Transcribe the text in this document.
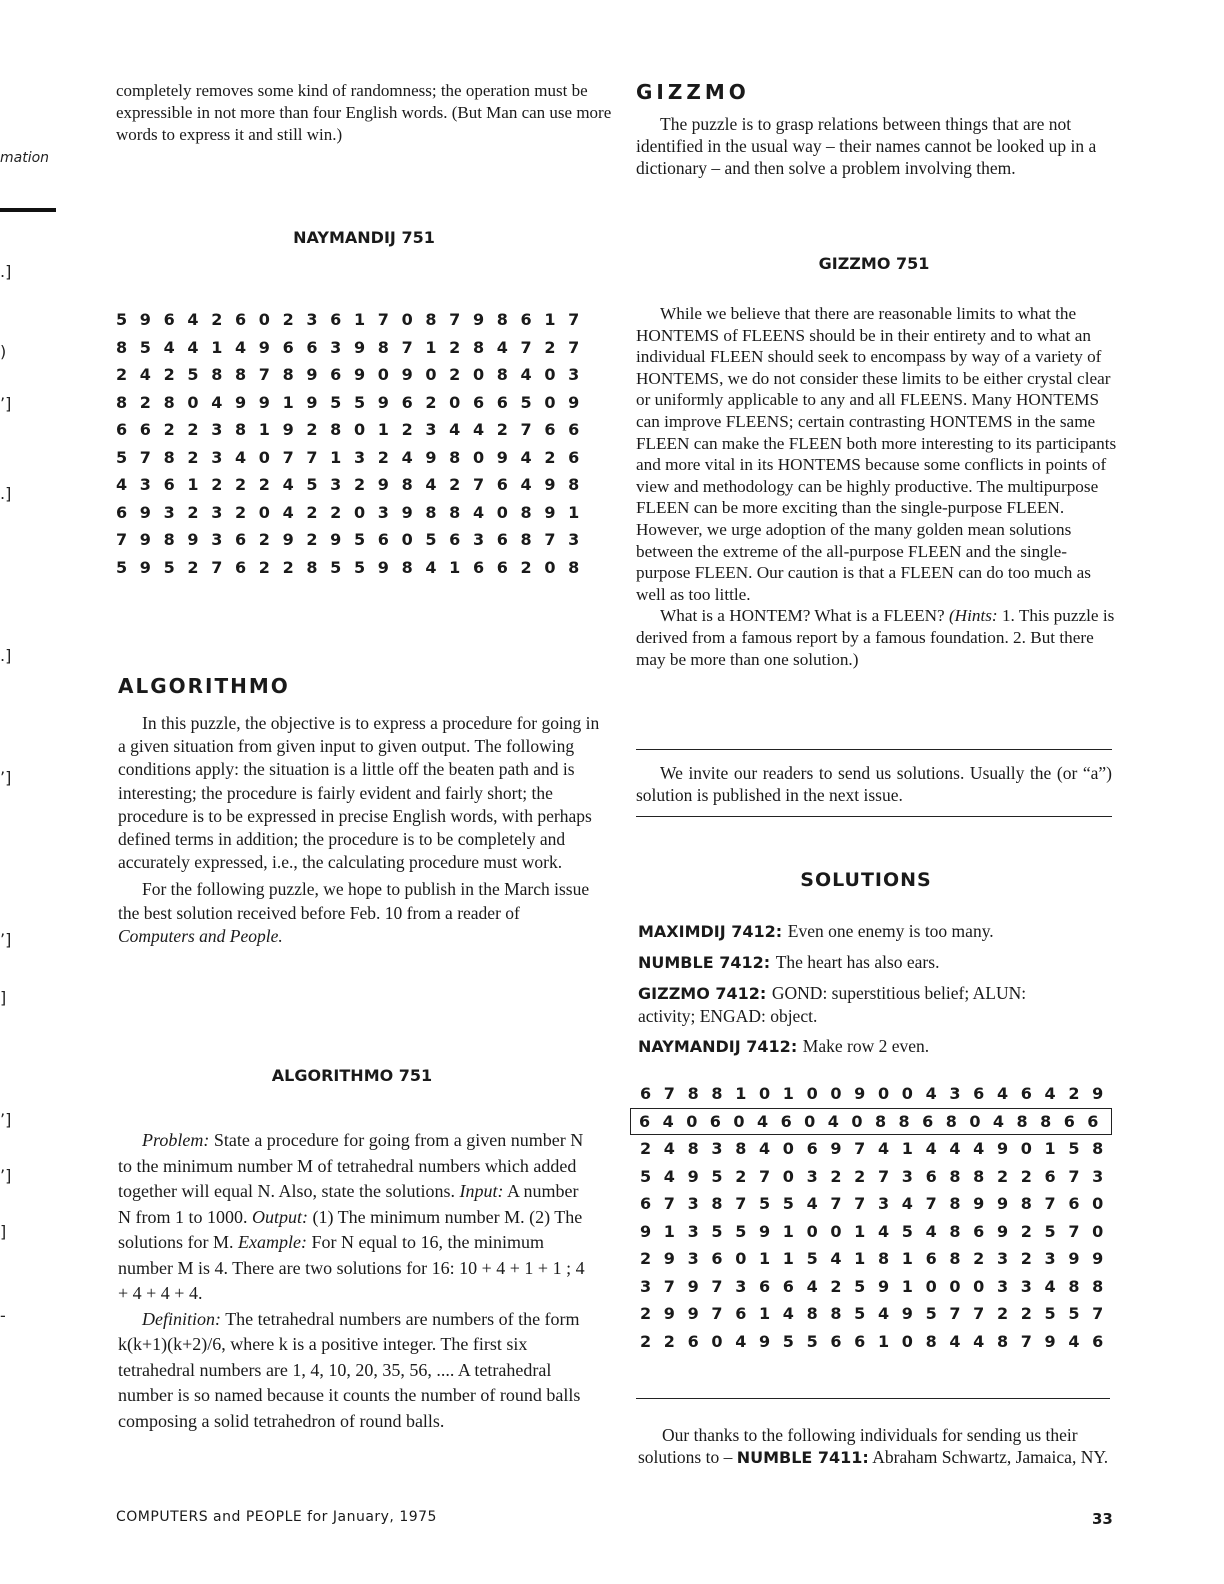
mation
.]
)
’]
.]
.]
’]
’]
]
’]
’]
]
-

completely removes some kind of randomness; the operation must be expressible in not more than four English words. (But Man can use more words to express it and still win.)

NAYMANDIJ 751
5 9 6 4 2 6 0 2 3 6 1 7 0 8 7 9 8 6 1 7
8 5 4 4 1 4 9 6 6 3 9 8 7 1 2 8 4 7 2 7
2 4 2 5 8 8 7 8 9 6 9 0 9 0 2 0 8 4 0 3
8 2 8 0 4 9 9 1 9 5 5 9 6 2 0 6 6 5 0 9
6 6 2 2 3 8 1 9 2 8 0 1 2 3 4 4 2 7 6 6
5 7 8 2 3 4 0 7 7 1 3 2 4 9 8 0 9 4 2 6
4 3 6 1 2 2 2 4 5 3 2 9 8 4 2 7 6 4 9 8
6 9 3 2 3 2 0 4 2 2 0 3 9 8 8 4 0 8 9 1
7 9 8 9 3 6 2 9 2 9 5 6 0 5 6 3 6 8 7 3
5 9 5 2 7 6 2 2 8 5 5 9 8 4 1 6 6 2 0 8
ALGORITHMO

In this puzzle, the objective is to express a procedure for going in a given situation from given input to given output. The following conditions apply: the situation is a little off the beaten path and is interesting; the procedure is fairly evident and fairly short; the procedure is to be expressed in precise English words, with perhaps defined terms in addition; the procedure is to be completely and accurately expressed, i.e., the calculating procedure must work.

For the following puzzle, we hope to publish in the March issue the best solution received before Feb. 10 from a reader of Computers and People.

ALGORITHMO 751

Problem: State a procedure for going from a given number N to the minimum number M of tetrahedral numbers which added together will equal N. Also, state the solutions. Input: A number N from 1 to 1000. Output: (1) The minimum number M. (2) The solutions for M. Example: For N equal to 16, the minimum number M is 4. There are two solutions for 16: 10 + 4 + 1 + 1 ; 4 + 4 + 4 + 4.

Definition: The tetrahedral numbers are numbers of the form k(k+1)(k+2)/6, where k is a positive integer. The first six tetrahedral numbers are 1, 4, 10, 20, 35, 56, .... A tetrahedral number is so named because it counts the number of round balls composing a solid tetrahedron of round balls.

GIZZMO

The puzzle is to grasp relations between things that are not identified in the usual way – their names cannot be looked up in a dictionary – and then solve a problem involving them.

GIZZMO 751

While we believe that there are reasonable limits to what the HONTEMS of FLEENS should be in their entirety and to what an individual FLEEN should seek to encompass by way of a variety of HONTEMS, we do not consider these limits to be either crystal clear or uniformly applicable to any and all FLEENS. Many HONTEMS can improve FLEENS; certain contrasting HONTEMS in the same FLEEN can make the FLEEN both more interesting to its participants and more vital in its HONTEMS because some conflicts in points of view and methodology can be highly productive. The multipurpose FLEEN can be more exciting than the single-purpose FLEEN. However, we urge adoption of the many golden mean solutions between the extreme of the all-purpose FLEEN and the single-purpose FLEEN. Our caution is that a FLEEN can do too much as well as too little.

What is a HONTEM? What is a FLEEN? (Hints: 1. This puzzle is derived from a famous report by a famous foundation. 2. But there may be more than one solution.)

We invite our readers to send us solutions. Usually the (or “a”) solution is published in the next issue.

SOLUTIONS
MAXIMDIJ 7412: Even one enemy is too many.
NUMBLE 7412: The heart has also ears.
GIZZMO 7412: GOND: superstitious belief; ALUN: activity; ENGAD: object.
NAYMANDIJ 7412: Make row 2 even.
6 7 8 8 1 0 1 0 0 9 0 0 4 3 6 4 6 4 2 9
6 4 0 6 0 4 6 0 4 0 8 8 6 8 0 4 8 8 6 6
2 4 8 3 8 4 0 6 9 7 4 1 4 4 4 9 0 1 5 8
5 4 9 5 2 7 0 3 2 2 7 3 6 8 8 2 2 6 7 3
6 7 3 8 7 5 5 4 7 7 3 4 7 8 9 9 8 7 6 0
9 1 3 5 5 9 1 0 0 1 4 5 4 8 6 9 2 5 7 0
2 9 3 6 0 1 1 5 4 1 8 1 6 8 2 3 2 3 9 9
3 7 9 7 3 6 6 4 2 5 9 1 0 0 0 3 3 4 8 8
2 9 9 7 6 1 4 8 8 5 4 9 5 7 7 2 2 5 5 7
2 2 6 0 4 9 5 5 6 6 1 0 8 4 4 8 7 9 4 6

Our thanks to the following individuals for sending us their solutions to – NUMBLE 7411: Abraham Schwartz, Jamaica, NY.

COMPUTERS and PEOPLE for January, 1975	33
